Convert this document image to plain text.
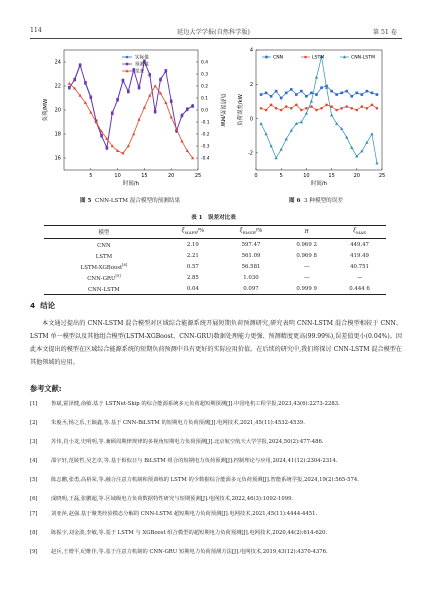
114	延边大学学报(自然科学版)	第 51 卷
16
18
20
22
24
-0.4
-0.3
-0.2
-0.1
0.0
0.1
0.2
0.3
0.4
5	10	15	20	25
时间/h
负荷/MW	负荷误差/MW
实际值
预测值
误差
图 5 CNN-LSTM 混合模型的预测结果
-2
0
2
4
0	5	10	15	20	25
时间/h
负荷误差/kW
CNN	LSTM	CNN-LSTM
图 6 3 种模型的误差
表 1 误差对比表
模型	$\xi_{MAPE}/\%$	$\xi_{RMSE}/\%$	R	$\xi_{MAE}$
CNN	2.19	597.47	0.969 2	449.47
LSTM	2.21	561.09	0.969 8	419.49
LSTM-XGBoost[6]	0.57	56.581	—	40.751
CNN-GRU[9]	2.85	1.030	—	—
CNN-LSTM	0.04	0.097	0.999 9	0.444 6
4  结论
本文通过提出的 CNN-LSTM 混合模型对区域综合能源系统开展短期负荷预测研究,研究表明 CNN-LSTM 混合模型相较于 CNN、LSTM 单一模型以及其他组合模型(LSTM-XGBoost、CNN-GRU)数据处理能力更强、预测精度更高(99.99%),误差值更小(0.04%)。因此本文提出的模型在区域综合能源系统的短期负荷预测中具有更好的实际应用价值。在后续的研究中,我们将探讨 CNN-LSTM 混合模型在其他领域的应用。
参考文献:
[1]	鲁斌,霍泽健,俞敏.基于 LSTNet-Skip 的综合能源系统多元负荷超短期预测[J].中国电机工程学报,2023,43(6):2273-2283.
[2]	朱俊丞,杨之乐,王颖鑫,等.基于 CNN-BiLSTM 的短期电力负荷预测[J].电网技术,2021,45(11):4532-4539.
[3]	苏伟,肖小龙,史明明,等.兼顾周期律规律的多视角短期电力负荷预测[J].北京航空航天大学学报,2024,50(2):477-486.
[4]	邵宇轩,范陵哲,吴艺卓,等.基于相似日与 BiLSTM 组合的短期电力负荷预测[J].控制理论与应用,2024,41(12):2304-2314.
[5]	陈志鹏,张勇,高裕荣,等.融合注意力机制和预训练的 LSTM 的少数据综合能源多元负荷预测[J].智能系统学报,2024,19(2):565-574.
[6]	成晓明,王磊,张鹏超,等.区域级电力负荷数据特性研究与短期预测[J].电网技术,2022,46(3):1092-1099.
[7]	刘亚萍,赵强.基于聚类经验模态分解的 CNN-LSTM 超短期电力负荷预测[J].电网技术,2021,45(11):4444-4451.
[8]	陈振宇,刘金波,李敏,等.基于 LSTM 与 XGBoost 组合模型的超短期电力负荷预测[J].电网技术,2020,44(2):614-620.
[9]	赵兵,王增平,纪维佳,等.基于注意力机制的 CNN-GRU 短期电力负荷预测方法[J].电网技术,2019,43(12):4370-4376.
